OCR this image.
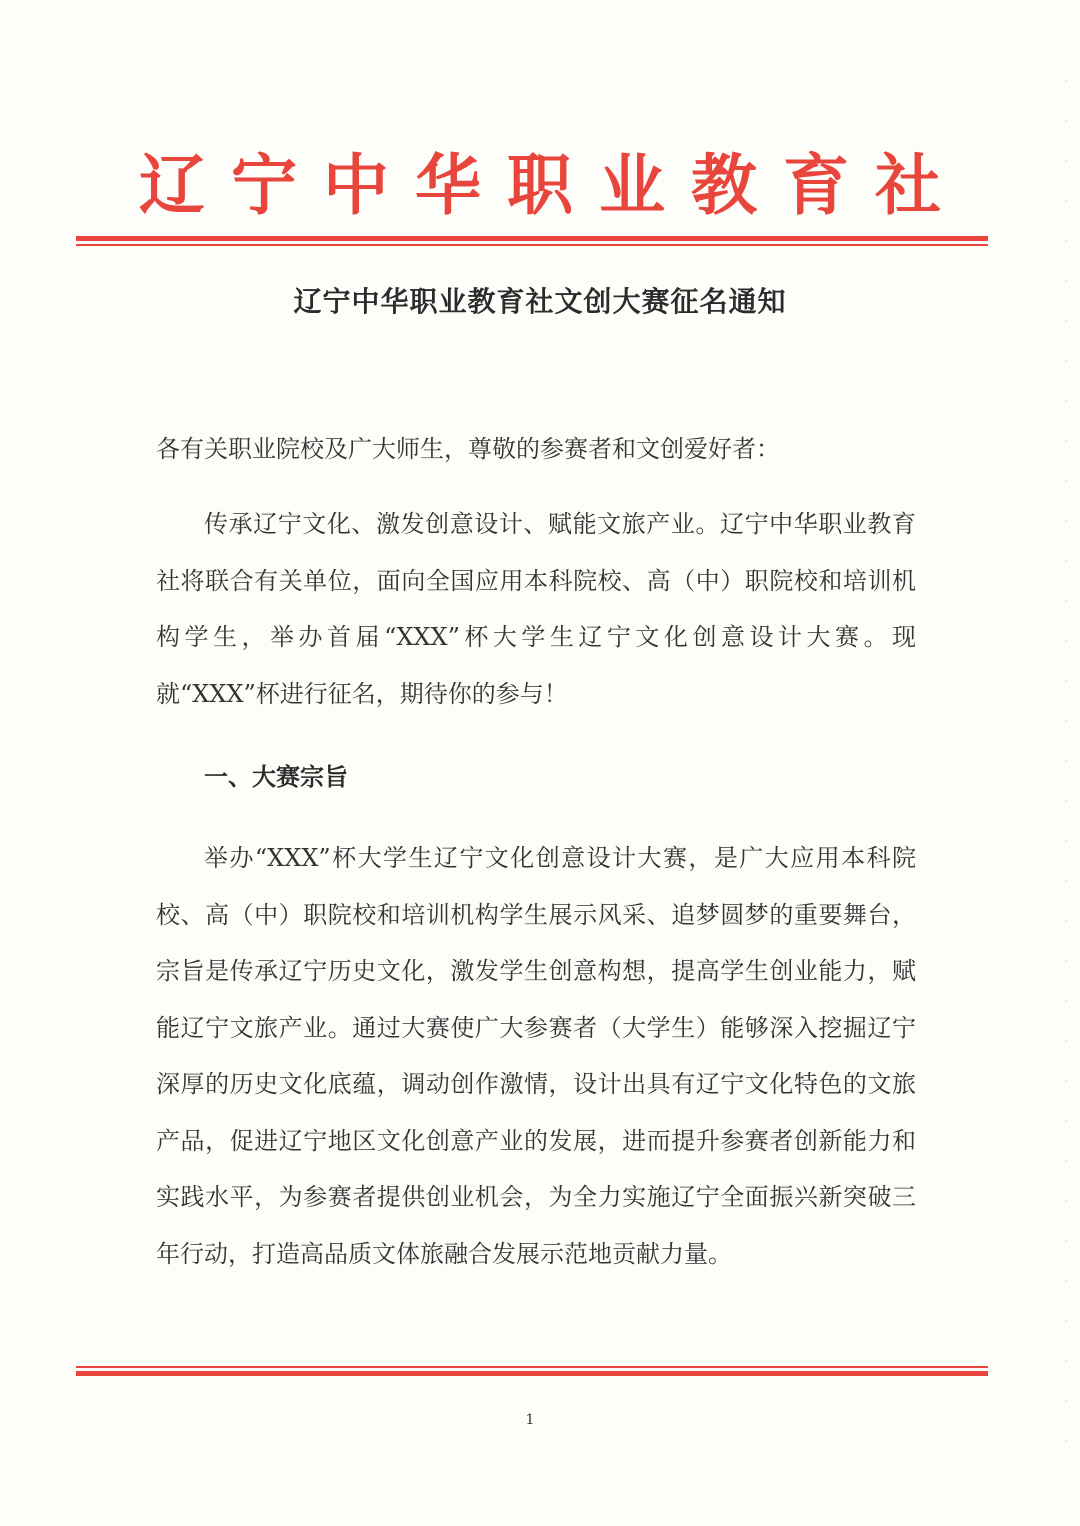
辽宁中华职业教育社
辽宁中华职业教育社文创大赛征名通知
各有关职业院校及广大师生，尊敬的参赛者和文创爱好者：

传承辽宁文化、激发创意设计、赋能文旅产业。辽宁中华职业教育社将联合有关单位，面向全国应用本科院校、高（中）职院校和培训机构学生，举办首届“XXX”杯大学生辽宁文化创意设计大赛。现就“XXX”杯进行征名，期待你的参与！

一、大赛宗旨

举办“XXX”杯大学生辽宁文化创意设计大赛，是广大应用本科院校、高（中）职院校和培训机构学生展示风采、追梦圆梦的重要舞台，宗旨是传承辽宁历史文化，激发学生创意构想，提高学生创业能力，赋能辽宁文旅产业。通过大赛使广大参赛者（大学生）能够深入挖掘辽宁深厚的历史文化底蕴，调动创作激情，设计出具有辽宁文化特色的文旅产品，促进辽宁地区文化创意产业的发展，进而提升参赛者创新能力和实践水平，为参赛者提供创业机会，为全力实施辽宁全面振兴新突破三年行动，打造高品质文体旅融合发展示范地贡献力量。

1
